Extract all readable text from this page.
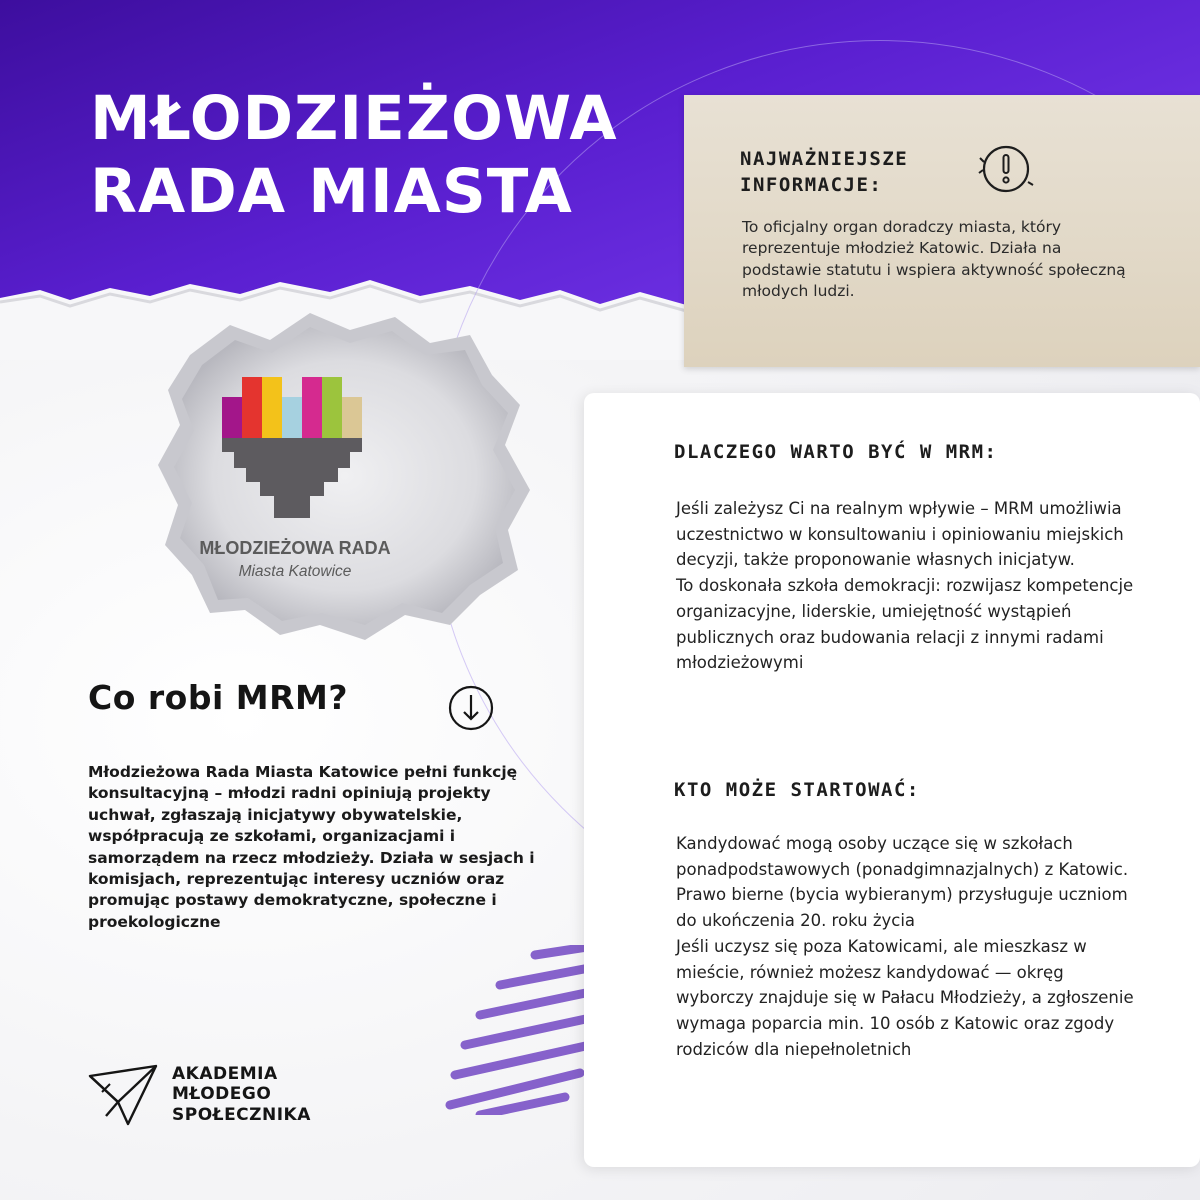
MŁODZIEŻOWA
RADA MIASTA	NAJWAŻNIEJSZE
INFORMACJE:

To oficjalny organ doradczy miasta, który reprezentuje młodzież Katowic. Działa na podstawie statutu i wspiera aktywność społeczną młodych ludzi.

MŁODZIEŻOWA RADA
Miasta Katowice
Co robi MRM?

Młodzieżowa Rada Miasta Katowice pełni funkcję konsultacyjną – młodzi radni opiniują projekty uchwał, zgłaszają inicjatywy obywatelskie, współpracują ze szkołami, organizacjami i samorządem na rzecz młodzieży. Działa w sesjach i komisjach, reprezentując interesy uczniów oraz promując postawy demokratyczne, społeczne i proekologiczne

AKADEMIA
MŁODEGO
SPOŁECZNIKA
DLACZEGO WARTO BYĆ W MRM:

Jeśli zależysz Ci na realnym wpływie – MRM umożliwia uczestnictwo w konsultowaniu i opiniowaniu miejskich decyzji, także proponowanie własnych inicjatyw.
To doskonała szkoła demokracji: rozwijasz kompetencje organizacyjne, liderskie, umiejętność wystąpień publicznych oraz budowania relacji z innymi radami młodzieżowymi

KTO MOŻE STARTOWAĆ:

Kandydować mogą osoby uczące się w szkołach ponadpodstawowych (ponadgimnazjalnych) z Katowic. Prawo bierne (bycia wybieranym) przysługuje uczniom do ukończenia 20. roku życia
Jeśli uczysz się poza Katowicami, ale mieszkasz w mieście, również możesz kandydować — okręg wyborczy znajduje się w Pałacu Młodzieży, a zgłoszenie wymaga poparcia min. 10 osób z Katowic oraz zgody rodziców dla niepełnoletnich
